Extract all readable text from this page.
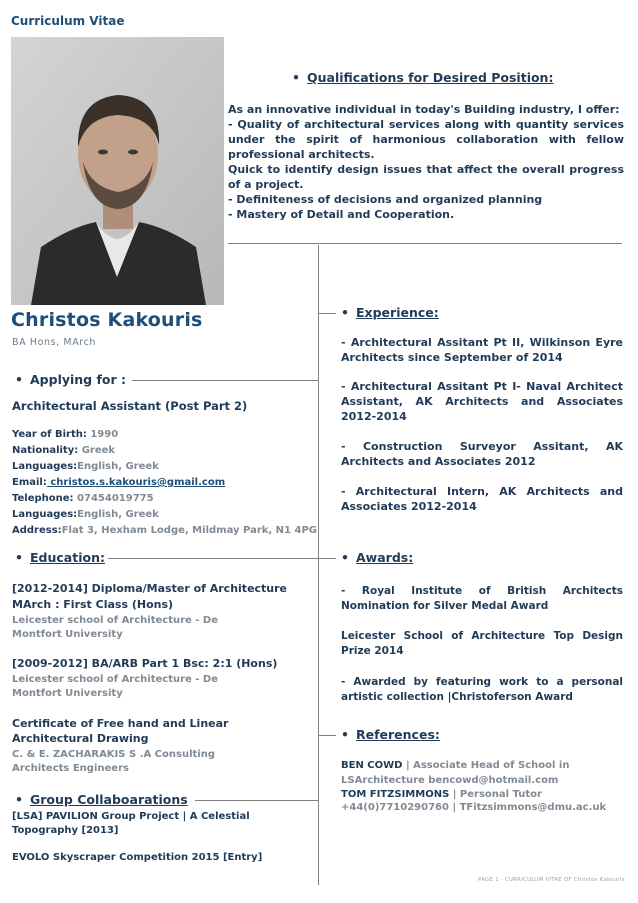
Curriculum Vitae
Christos Kakouris
BA Hons, MArch
• Applying for :
Architectural Assistant (Post Part 2)
Year of Birth: 1990
Nationality: Greek
Languages:English, Greek
Email: christos.s.kakouris@gmail.com
Telephone: 07454019775
Languages:English, Greek
Address:Flat 3, Hexham Lodge, Mildmay Park, N1 4PG
• Qualifications for Desired Position:
As an innovative individual in today's Building industry, I offer:
- Quality of architectural services along with quantity services under the spirit of harmonious collaboration with fellow professional architects.
Quick to identify design issues that affect the overall progress of a project.
- Definiteness of decisions and organized planning
- Mastery of Detail and Cooperation.
• Experience:
- Architectural Assitant Pt II, Wilkinson Eyre Architects since September of 2014
- Architectural Assitant Pt I- Naval Architect Assistant, AK Architects and Associates 2012-2014
- Construction Surveyor Assitant, AK Architects and Associates 2012
- Architectural Intern, AK Architects and Associates 2012-2014
• Education:
[2012-2014] Diploma/Master of Architecture
MArch : First Class (Hons)
Leicester school of Architecture - De Montfort University
[2009-2012] BA/ARB Part 1 Bsc: 2:1 (Hons)
Leicester school of Architecture - De Montfort University
Certificate of Free hand and Linear Architectural Drawing
C. & E. ZACHARAKIS S .A Consulting Architects Engineers
• Awards:
- Royal Institute of British Architects Nomination for Silver Medal Award
Leicester School of Architecture Top Design Prize 2014
- Awarded by featuring work to a personal artistic collection |Christoferson Award
• References:
BEN COWD | Associate Head of School in LSArchitecture bencowd@hotmail.com
TOM FITZSIMMONS | Personal Tutor
+44(0)7710290760 | TFitzsimmons@dmu.ac.uk
• Group Collaboarations
[LSA] PAVILION Group Project | A Celestial Topography [2013]
EVOLO Skyscraper Competition 2015 [Entry]
PAGE 1 - CURRICULUM VITAE OF Christos Kakouris
